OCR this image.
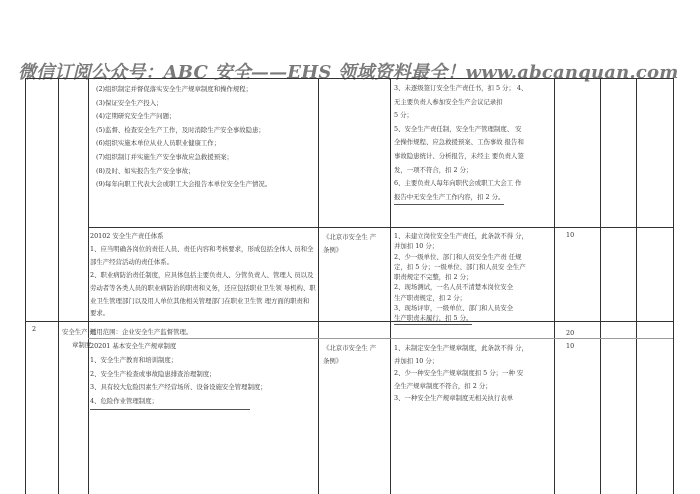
微信订阅公众号：ABC 安全——EHS 领域资料最全！www.abcanquan.com
(2)组织制定并督促落实安全生产规章制度和操作规程；
(3)保证安全生产投入；
(4)定期研究安全生产问题；
(5)监督、检查安全生产工作，及时消除生产安全事故隐患；
(6)组织实施本单位从业人员职业健康工作；
(7)组织制订并实施生产安全事故应急救援预案；
(8)及时、如实报告生产安全事故；
(9)每年向职工代表大会或职工大会报告本单位安全生产情况。
3、未逐级签订安全生产责任书，扣 5 分； 4、
无主要负责人参加安全生产会议记录扣
5 分；
5、安全生产责任制，安全生产管理制度、 安
全操作规程、应急救援预案、工伤事故 报告和
事故隐患统计、分析报告，未经主 要负责人签
发，一项不符合，扣 2 分；
6、主要负责人每年向职代会或职工大会工 作
报告中无安全生产工作内容，扣 2 分。
20102 安全生产责任体系
1、应当明确各岗位的责任人员、责任内容和考核要求，形成包括全体人 员和全
部生产经营活动的责任体系。
2、职业病防治责任制度，应具体包括主要负责人、分管负责人、管理人 员以及
劳动者等各类人员的职业病防治的职责和义务，还应包括职业卫生领 导机构、职
业卫生管理部门以及用人单位其他相关管理部门在职业卫生管 理方面的职责和
要求。
《北京市安全生 产
条例》
1、未建立岗位安全生产责任，此条款不得 分，
并加扣 10 分；
2、少一级单位、部门和人员安全生产责 任规
定，扣 5 分；一级单位、部门和人员安 全生产
职责规定不完整，扣 2 分；
2、现场测试，一名人员不清楚本岗位安全
生产职责规定，扣 2 分；
3、现场评审，一级单位、部门和人员安全
生产职责未履行，扣 5 分。
10
2	安全生产 规
章制度
适用范围：企业安全生产监督管理。	20
20201 基本安全生产规章制度
1、安全生产教育和培训制度；
2、安全生产检查或事故隐患排查治理制度；
3、具有较大危险因素生产经营场所、设备设施安全管理制度；
4、危险作业管理制度；
《北京市安全生 产
条例》
1、未制定安全生产规章制度，此条款不得 分，
并加扣 10 分；
2、少一种安全生产规章制度扣 5 分；一种 安
全生产规章制度不符合，扣 2 分；
3、一种安全生产规章制度无相关执行表单
10
